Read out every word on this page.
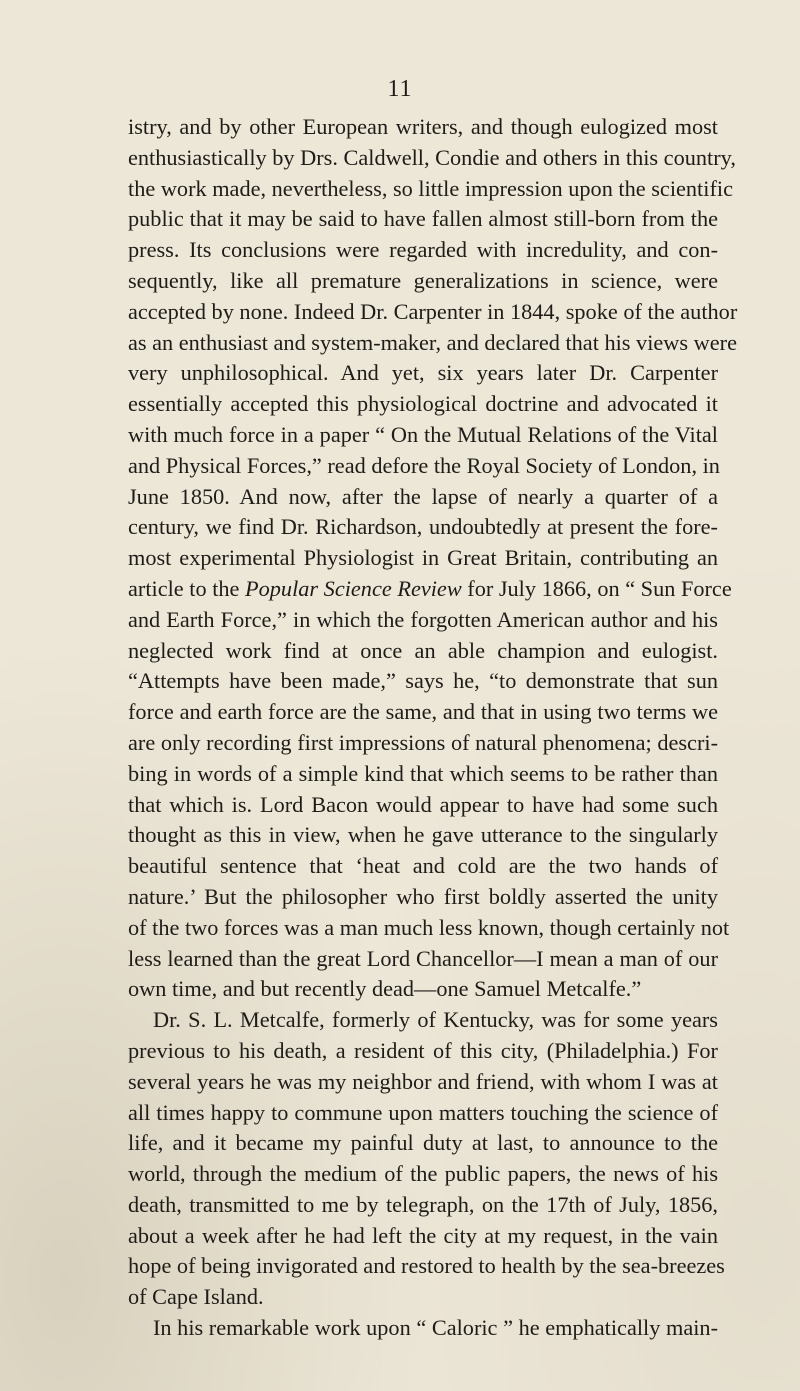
11
istry, and by other European writers, and though eulogized most
enthusiastically by Drs. Caldwell, Condie and others in this country,
the work made, nevertheless, so little impression upon the scientific
public that it may be said to have fallen almost still-born from the
press. Its conclusions were regarded with incredulity, and con-
sequently, like all premature generalizations in science, were
accepted by none. Indeed Dr. Carpenter in 1844, spoke of the author
as an enthusiast and system-maker, and declared that his views were
very unphilosophical. And yet, six years later Dr. Carpenter
essentially accepted this physiological doctrine and advocated it
with much force in a paper “ On the Mutual Relations of the Vital
and Physical Forces,” read defore the Royal Society of London, in
June 1850. And now, after the lapse of nearly a quarter of a
century, we find Dr. Richardson, undoubtedly at present the fore-
most experimental Physiologist in Great Britain, contributing an
article to the Popular Science Review for July 1866, on “ Sun Force
and Earth Force,” in which the forgotten American author and his
neglected work find at once an able champion and eulogist.
“Attempts have been made,” says he, “to demonstrate that sun
force and earth force are the same, and that in using two terms we
are only recording first impressions of natural phenomena; descri-
bing in words of a simple kind that which seems to be rather than
that which is. Lord Bacon would appear to have had some such
thought as this in view, when he gave utterance to the singularly
beautiful sentence that ‘heat and cold are the two hands of
nature.’ But the philosopher who first boldly asserted the unity
of the two forces was a man much less known, though certainly not
less learned than the great Lord Chancellor—I mean a man of our
own time, and but recently dead—one Samuel Metcalfe.”
Dr. S. L. Metcalfe, formerly of Kentucky, was for some years
previous to his death, a resident of this city, (Philadelphia.) For
several years he was my neighbor and friend, with whom I was at
all times happy to commune upon matters touching the science of
life, and it became my painful duty at last, to announce to the
world, through the medium of the public papers, the news of his
death, transmitted to me by telegraph, on the 17th of July, 1856,
about a week after he had left the city at my request, in the vain
hope of being invigorated and restored to health by the sea-breezes
of Cape Island.
In his remarkable work upon “ Caloric ” he emphatically main-
